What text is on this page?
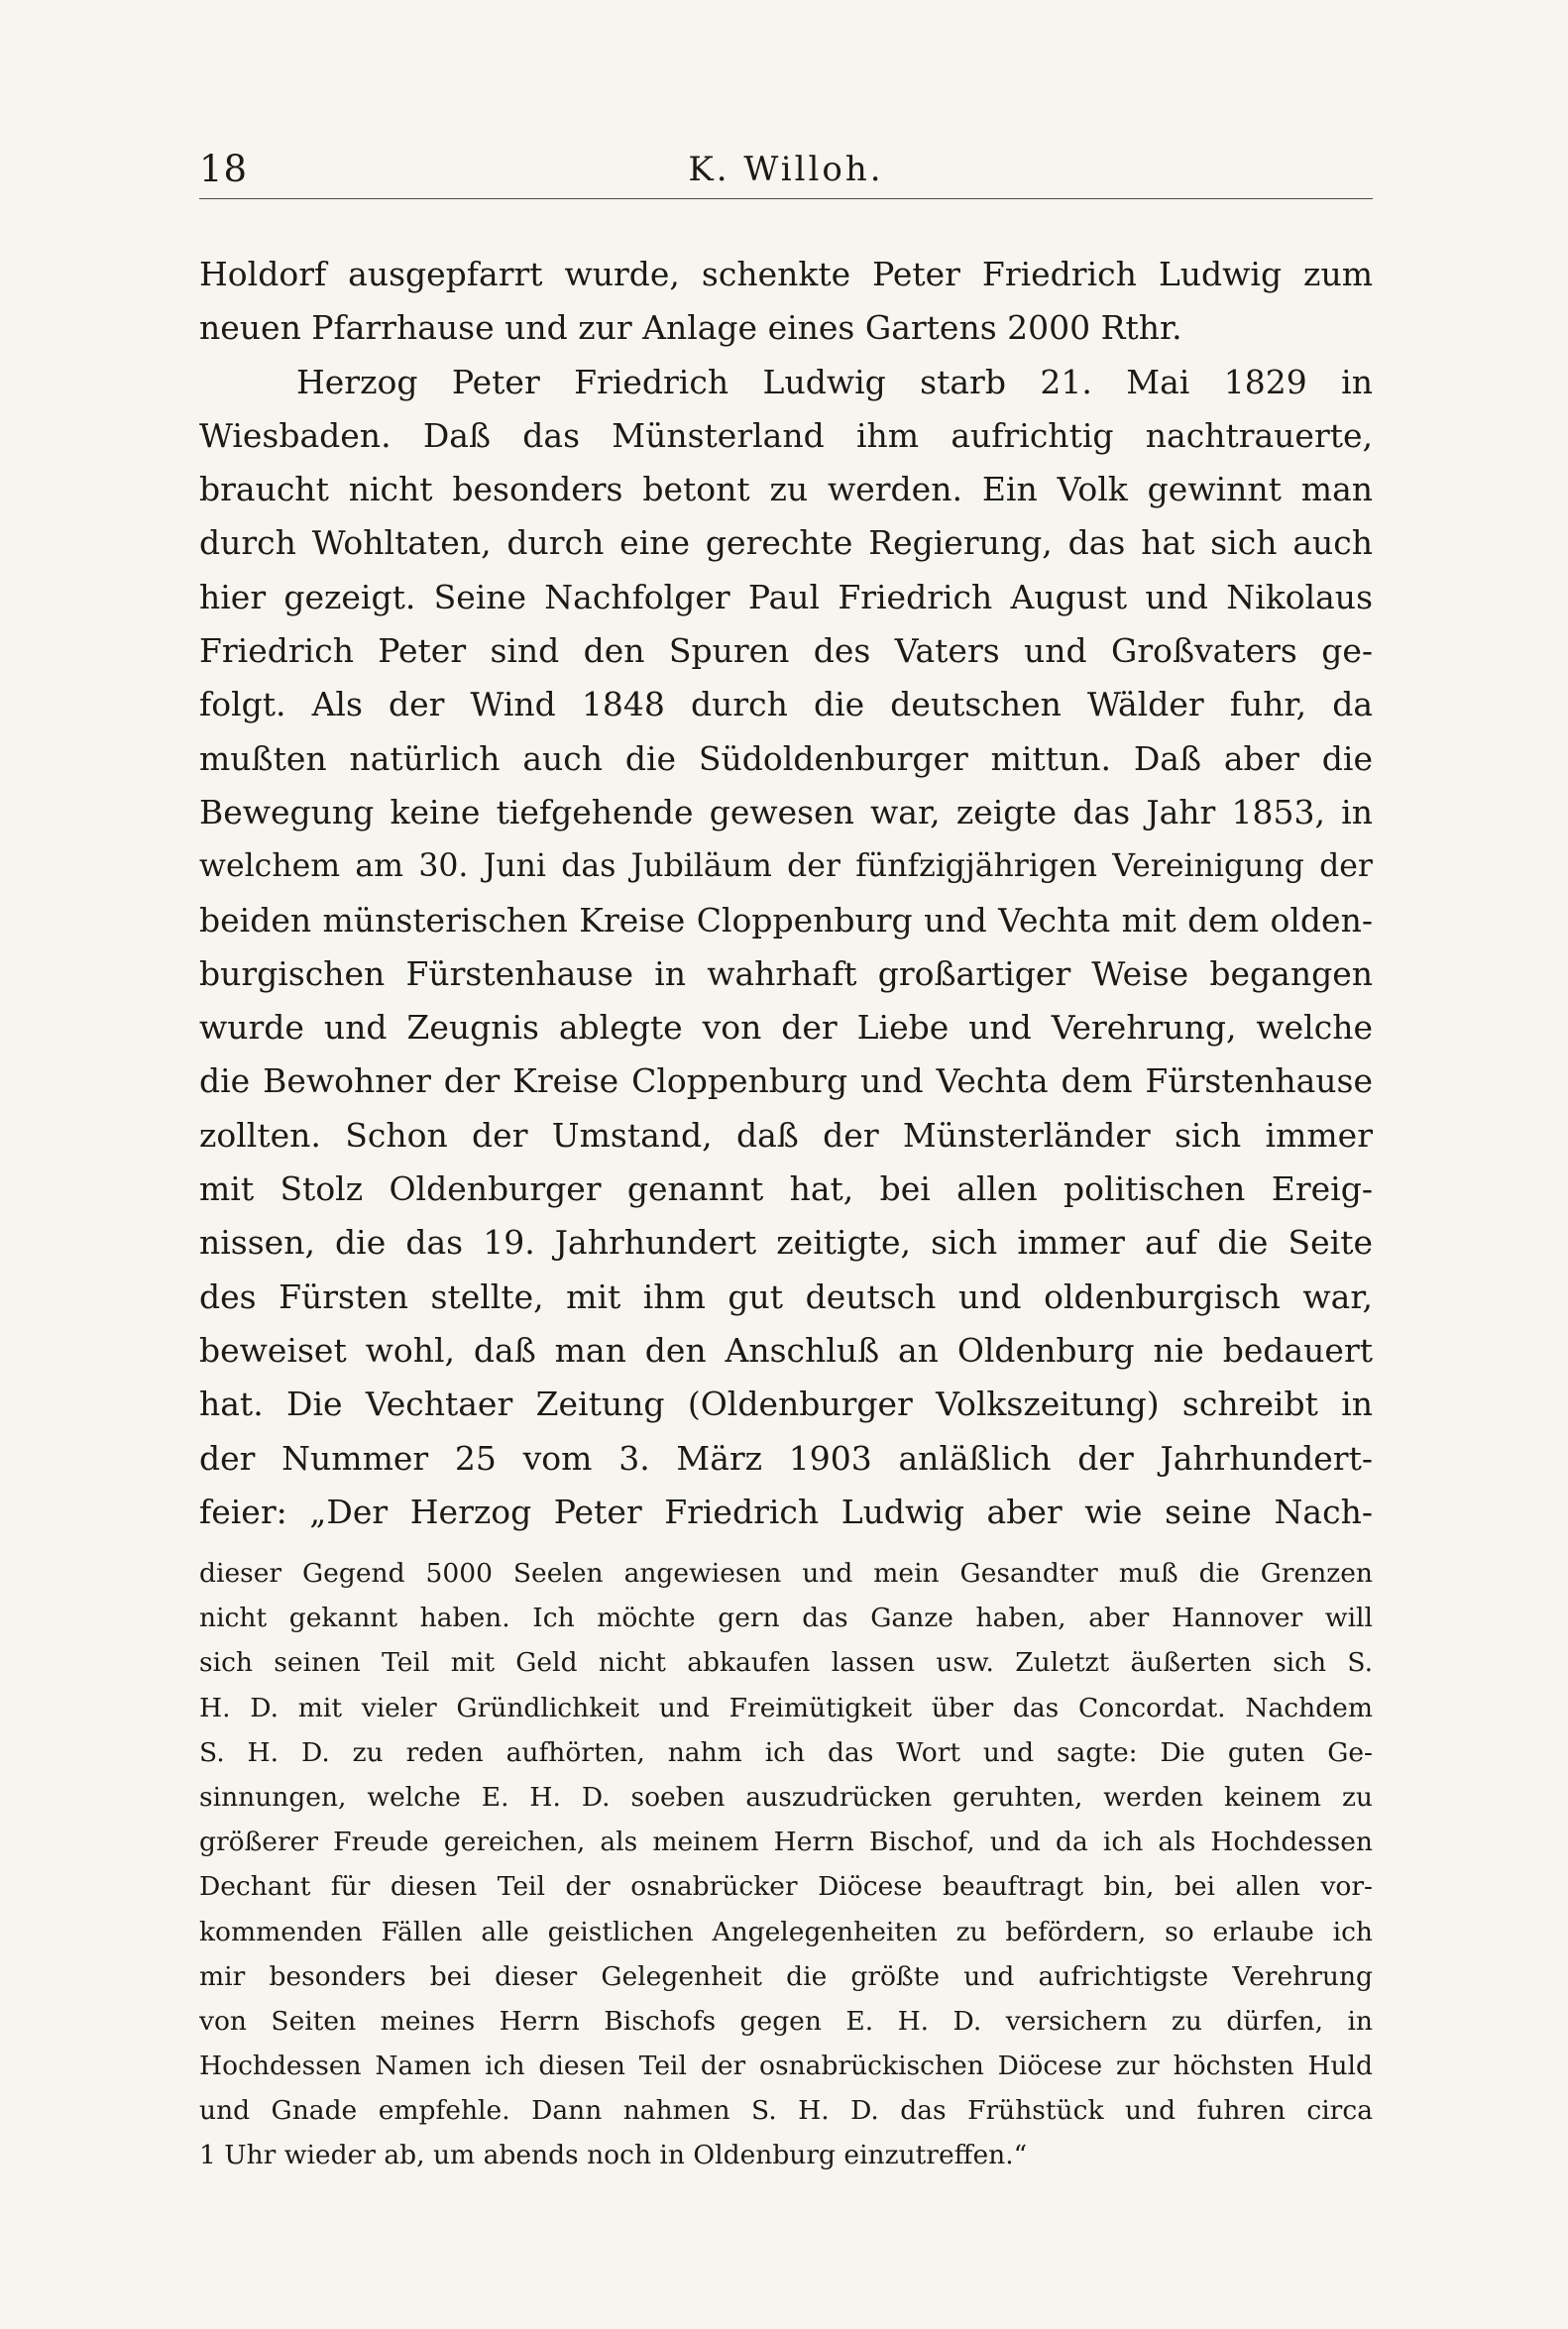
18	K. Willoh.
Holdorf ausgepfarrt wurde, schenkte Peter Friedrich Ludwig zum
neuen Pfarrhause und zur Anlage eines Gartens 2000 Rthr.
Herzog Peter Friedrich Ludwig starb 21. Mai 1829 in
Wiesbaden. Daß das Münsterland ihm aufrichtig nachtrauerte,
braucht nicht besonders betont zu werden. Ein Volk gewinnt man
durch Wohltaten, durch eine gerechte Regierung, das hat sich auch
hier gezeigt. Seine Nachfolger Paul Friedrich August und Nikolaus
Friedrich Peter sind den Spuren des Vaters und Großvaters ge-
folgt. Als der Wind 1848 durch die deutschen Wälder fuhr, da
mußten natürlich auch die Südoldenburger mittun. Daß aber die
Bewegung keine tiefgehende gewesen war, zeigte das Jahr 1853, in
welchem am 30. Juni das Jubiläum der fünfzigjährigen Vereinigung der
beiden münsterischen Kreise Cloppenburg und Vechta mit dem olden-
burgischen Fürstenhause in wahrhaft großartiger Weise begangen
wurde und Zeugnis ablegte von der Liebe und Verehrung, welche
die Bewohner der Kreise Cloppenburg und Vechta dem Fürstenhause
zollten. Schon der Umstand, daß der Münsterländer sich immer
mit Stolz Oldenburger genannt hat, bei allen politischen Ereig-
nissen, die das 19. Jahrhundert zeitigte, sich immer auf die Seite
des Fürsten stellte, mit ihm gut deutsch und oldenburgisch war,
beweiset wohl, daß man den Anschluß an Oldenburg nie bedauert
hat. Die Vechtaer Zeitung (Oldenburger Volkszeitung) schreibt in
der Nummer 25 vom 3. März 1903 anläßlich der Jahrhundert-
feier: „Der Herzog Peter Friedrich Ludwig aber wie seine Nach-
dieser Gegend 5000 Seelen angewiesen und mein Gesandter muß die Grenzen
nicht gekannt haben. Ich möchte gern das Ganze haben, aber Hannover will
sich seinen Teil mit Geld nicht abkaufen lassen usw. Zuletzt äußerten sich S.
H. D. mit vieler Gründlichkeit und Freimütigkeit über das Concordat. Nachdem
S. H. D. zu reden aufhörten, nahm ich das Wort und sagte: Die guten Ge-
sinnungen, welche E. H. D. soeben auszudrücken geruhten, werden keinem zu
größerer Freude gereichen, als meinem Herrn Bischof, und da ich als Hochdessen
Dechant für diesen Teil der osnabrücker Diöcese beauftragt bin, bei allen vor-
kommenden Fällen alle geistlichen Angelegenheiten zu befördern, so erlaube ich
mir besonders bei dieser Gelegenheit die größte und aufrichtigste Verehrung
von Seiten meines Herrn Bischofs gegen E. H. D. versichern zu dürfen, in
Hochdessen Namen ich diesen Teil der osnabrückischen Diöcese zur höchsten Huld
und Gnade empfehle. Dann nahmen S. H. D. das Frühstück und fuhren circa
1 Uhr wieder ab, um abends noch in Oldenburg einzutreffen.“
